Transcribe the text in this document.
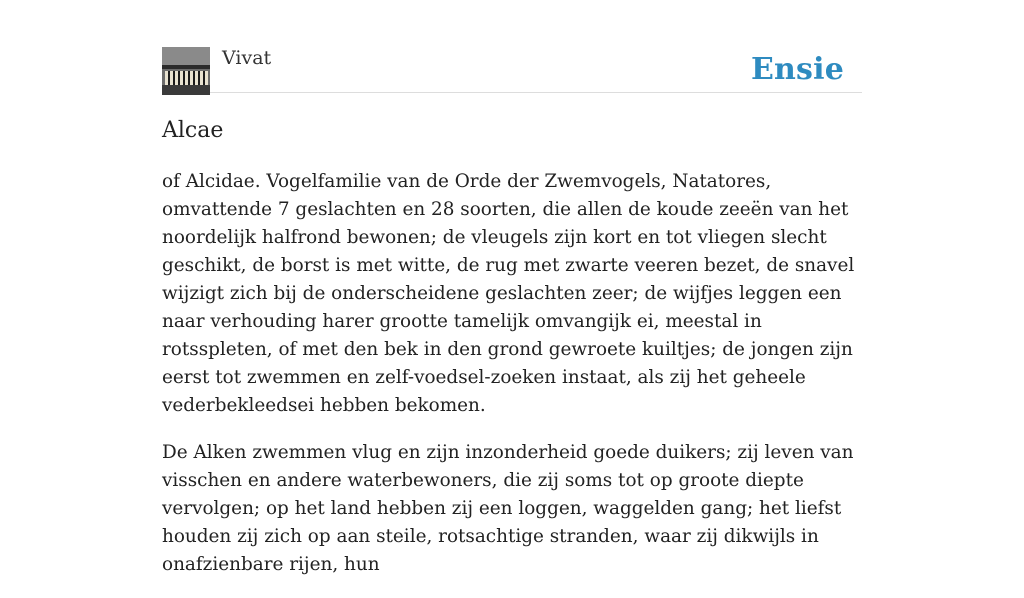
Vivat	Ensie
Alcae

of Alcidae. Vogelfamilie van de Orde der Zwemvogels, Natatores, omvattende 7 geslachten en 28 soorten, die allen de koude zeeën van het noordelijk halfrond bewonen; de vleugels zijn kort en tot vliegen slecht geschikt, de borst is met witte, de rug met zwarte veeren bezet, de snavel wijzigt zich bij de onderscheidene geslachten zeer; de wijfjes leggen een naar verhouding harer grootte tamelijk omvangijk ei, meestal in rotsspleten, of met den bek in den grond gewroete kuiltjes; de jongen zijn eerst tot zwemmen en zelf-voedsel-zoeken instaat, als zij het geheele vederbekleedsei hebben bekomen.

De Alken zwemmen vlug en zijn inzonderheid goede duikers; zij leven van visschen en andere waterbewoners, die zij soms tot op groote diepte vervolgen; op het land hebben zij een loggen, waggelden gang; het liefst houden zij zich op aan steile, rotsachtige stranden, waar zij dikwijls in onafzienbare rijen, hun
